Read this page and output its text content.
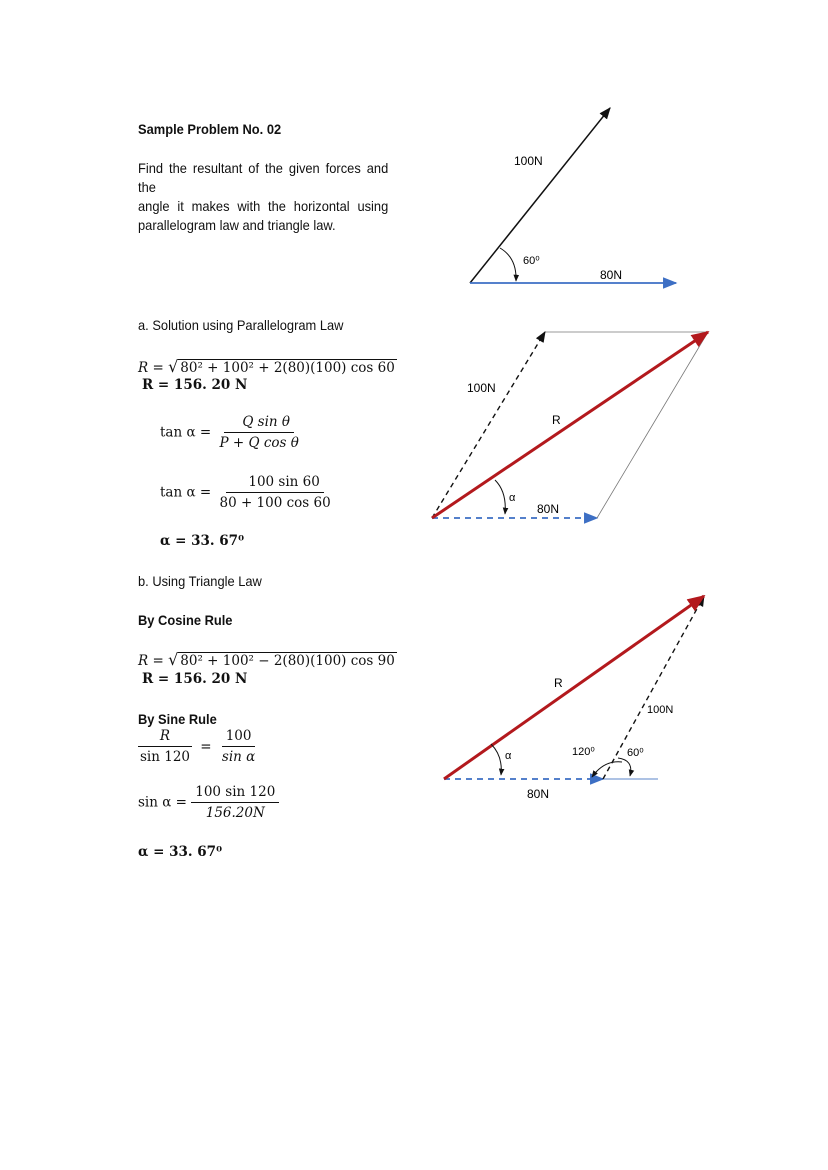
Sample Problem No. 02
Find the resultant of the given forces and the
angle it makes with the horizontal using
parallelogram law and triangle law.
a. Solution using Parallelogram Law
R = √ 80² + 100² + 2(80)(100) cos 60
R = 156. 20 N
$\tan \alpha = \frac{\text{Q sin θ}}{\text{P + Q cos θ}}$
$\tan \alpha = \frac{100 \sin 60}{80 + 100 \cos 60}$
α = 33. 67⁰
b. Using Triangle Law
By Cosine Rule
R = √ 80² + 100² − 2(80)(100) cos 90
R = 156. 20 N
By Sine Rule
$\frac{R}{\sin 120} = \frac{100}{\text{sin α}}$
$\sin \alpha = \frac{100 \sin 120}{156.20N}$
α = 33. 67⁰
100N
60⁰
80N
100N
R
α
80N
R
100N
α	120⁰	60⁰
80N
